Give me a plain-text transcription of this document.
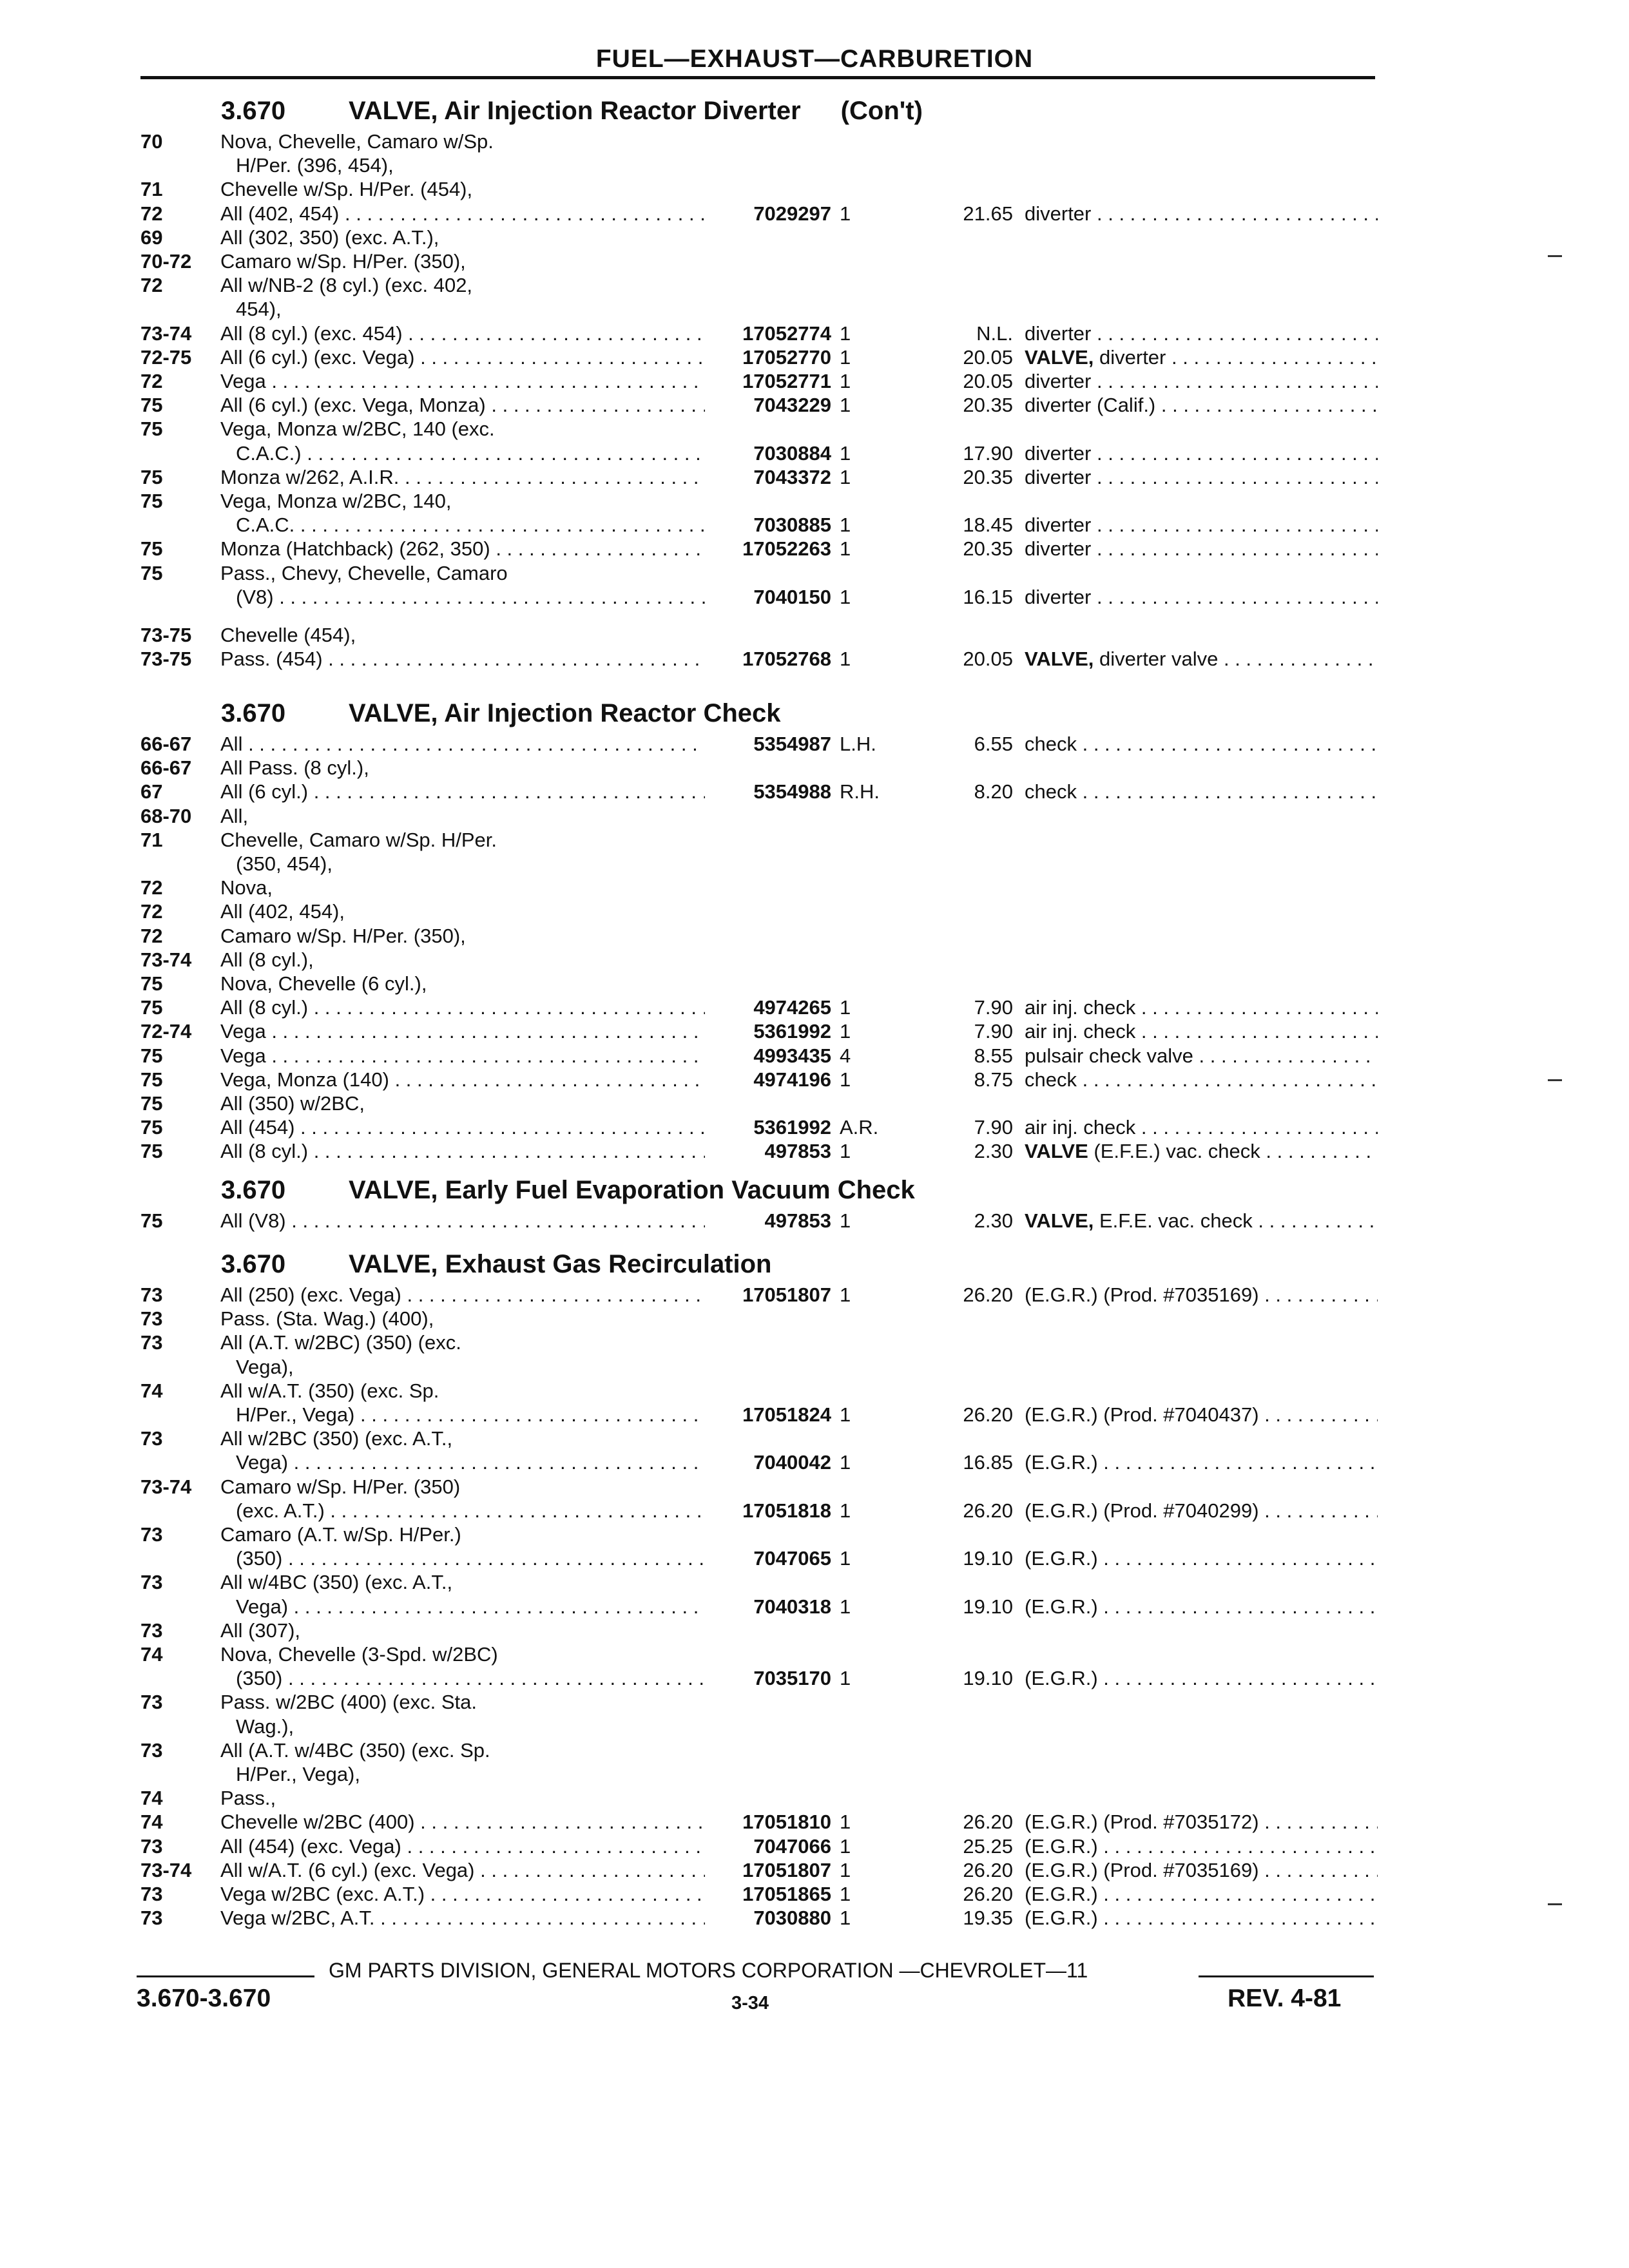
FUEL—EXHAUST—CARBURETION
3.670 VALVE, Air Injection Reactor Diverter (Con't)
70	Nova, Chevelle, Camaro w/Sp.
H/Per. (396, 454),
71	Chevelle w/Sp. H/Per. (454),
72	All (402, 454) . . .	7029297 1	21.65 diverter . . .
69	All (302, 350) (exc. A.T.),
70-72 Camaro w/Sp. H/Per. (350),
72	All w/NB-2 (8 cyl.) (exc. 402,
454),
73-74 All (8 cyl.) (exc. 454) . . .	17052774 1	N.L. diverter . . .
72-75 All (6 cyl.) (exc. Vega) . . .	17052770 1	20.05 VALVE, diverter . . .
72	Vega . . .	17052771 1	20.05 diverter . . .
75	All (6 cyl.) (exc. Vega, Monza) . . .	7043229 1	20.35 diverter (Calif.) . . .
75	Vega, Monza w/2BC, 140 (exc.
C.A.C.) . . .	7030884 1	17.90 diverter . . .
75	Monza w/262, A.I.R. . . .	7043372 1	20.35 diverter . . .
75	Vega, Monza w/2BC, 140,
C.A.C. . . .	7030885 1	18.45 diverter . . .
75	Monza (Hatchback) (262, 350) . . .	17052263 1	20.35 diverter . . .
75	Pass., Chevy, Chevelle, Camaro
(V8) . . .	7040150 1	16.15 diverter . . .
73-75 Chevelle (454),
73-75 Pass. (454) . . .	17052768 1	20.05 VALVE, diverter valve . . .
3.670 VALVE, Air Injection Reactor Check
66-67 All . . .	5354987 L.H.	6.55 check . . .
66-67 All Pass. (8 cyl.),
67	All (6 cyl.) . . .	5354988 R.H.	8.20 check . . .
68-70 All,
71	Chevelle, Camaro w/Sp. H/Per.
(350, 454),
72	Nova,
72	All (402, 454),
72	Camaro w/Sp. H/Per. (350),
73-74 All (8 cyl.),
75	Nova, Chevelle (6 cyl.),
75	All (8 cyl.) . . .	4974265 1	7.90 air inj. check . . .
72-74 Vega . . .	5361992 1	7.90 air inj. check . . .
75	Vega . . .	4993435 4	8.55 pulsair check valve . . .
75	Vega, Monza (140) . . .	4974196 1	8.75 check . . .
75	All (350) w/2BC,
75	All (454) . . .	5361992 A.R.	7.90 air inj. check . . .
75	All (8 cyl.) . . .	497853 1	2.30 VALVE (E.F.E.) vac. check . . .
3.670 VALVE, Early Fuel Evaporation Vacuum Check
75	All (V8) . . .	497853 1	2.30 VALVE, E.F.E. vac. check . . .
3.670 VALVE, Exhaust Gas Recirculation
73	All (250) (exc. Vega) . . .	17051807 1	26.20 (E.G.R.) (Prod. #7035169) . . .
73	Pass. (Sta. Wag.) (400),
73	All (A.T. w/2BC) (350) (exc.
Vega),
74	All w/A.T. (350) (exc. Sp.
H/Per., Vega) . . .	17051824 1	26.20 (E.G.R.) (Prod. #7040437) . . .
73	All w/2BC (350) (exc. A.T.,
Vega) . . .	7040042 1	16.85 (E.G.R.) . . .
73-74 Camaro w/Sp. H/Per. (350)
(exc. A.T.) . . .	17051818 1	26.20 (E.G.R.) (Prod. #7040299) . . .
73	Camaro (A.T. w/Sp. H/Per.)
(350) . . .	7047065 1	19.10 (E.G.R.) . . .
73	All w/4BC (350) (exc. A.T.,
Vega) . . .	7040318 1	19.10 (E.G.R.) . . .
73	All (307),
74	Nova, Chevelle (3-Spd. w/2BC)
(350) . . .	7035170 1	19.10 (E.G.R.) . . .
73	Pass. w/2BC (400) (exc. Sta.
Wag.),
73	All (A.T. w/4BC (350) (exc. Sp.
H/Per., Vega),
74	Pass.,
74	Chevelle w/2BC (400) . . .	17051810 1	26.20 (E.G.R.) (Prod. #7035172) . . .
73	All (454) (exc. Vega) . . .	7047066 1	25.25 (E.G.R.) . . .
73-74 All w/A.T. (6 cyl.) (exc. Vega) . . .	17051807 1	26.20 (E.G.R.) (Prod. #7035169) . . .
73	Vega w/2BC (exc. A.T.) . . .	17051865 1	26.20 (E.G.R.) . . .
73	Vega w/2BC, A.T. . . .	7030880 1	19.35 (E.G.R.) . . .
GM PARTS DIVISION, GENERAL MOTORS CORPORATION —CHEVROLET—11
3.670-3.670	3-34	REV. 4-81
